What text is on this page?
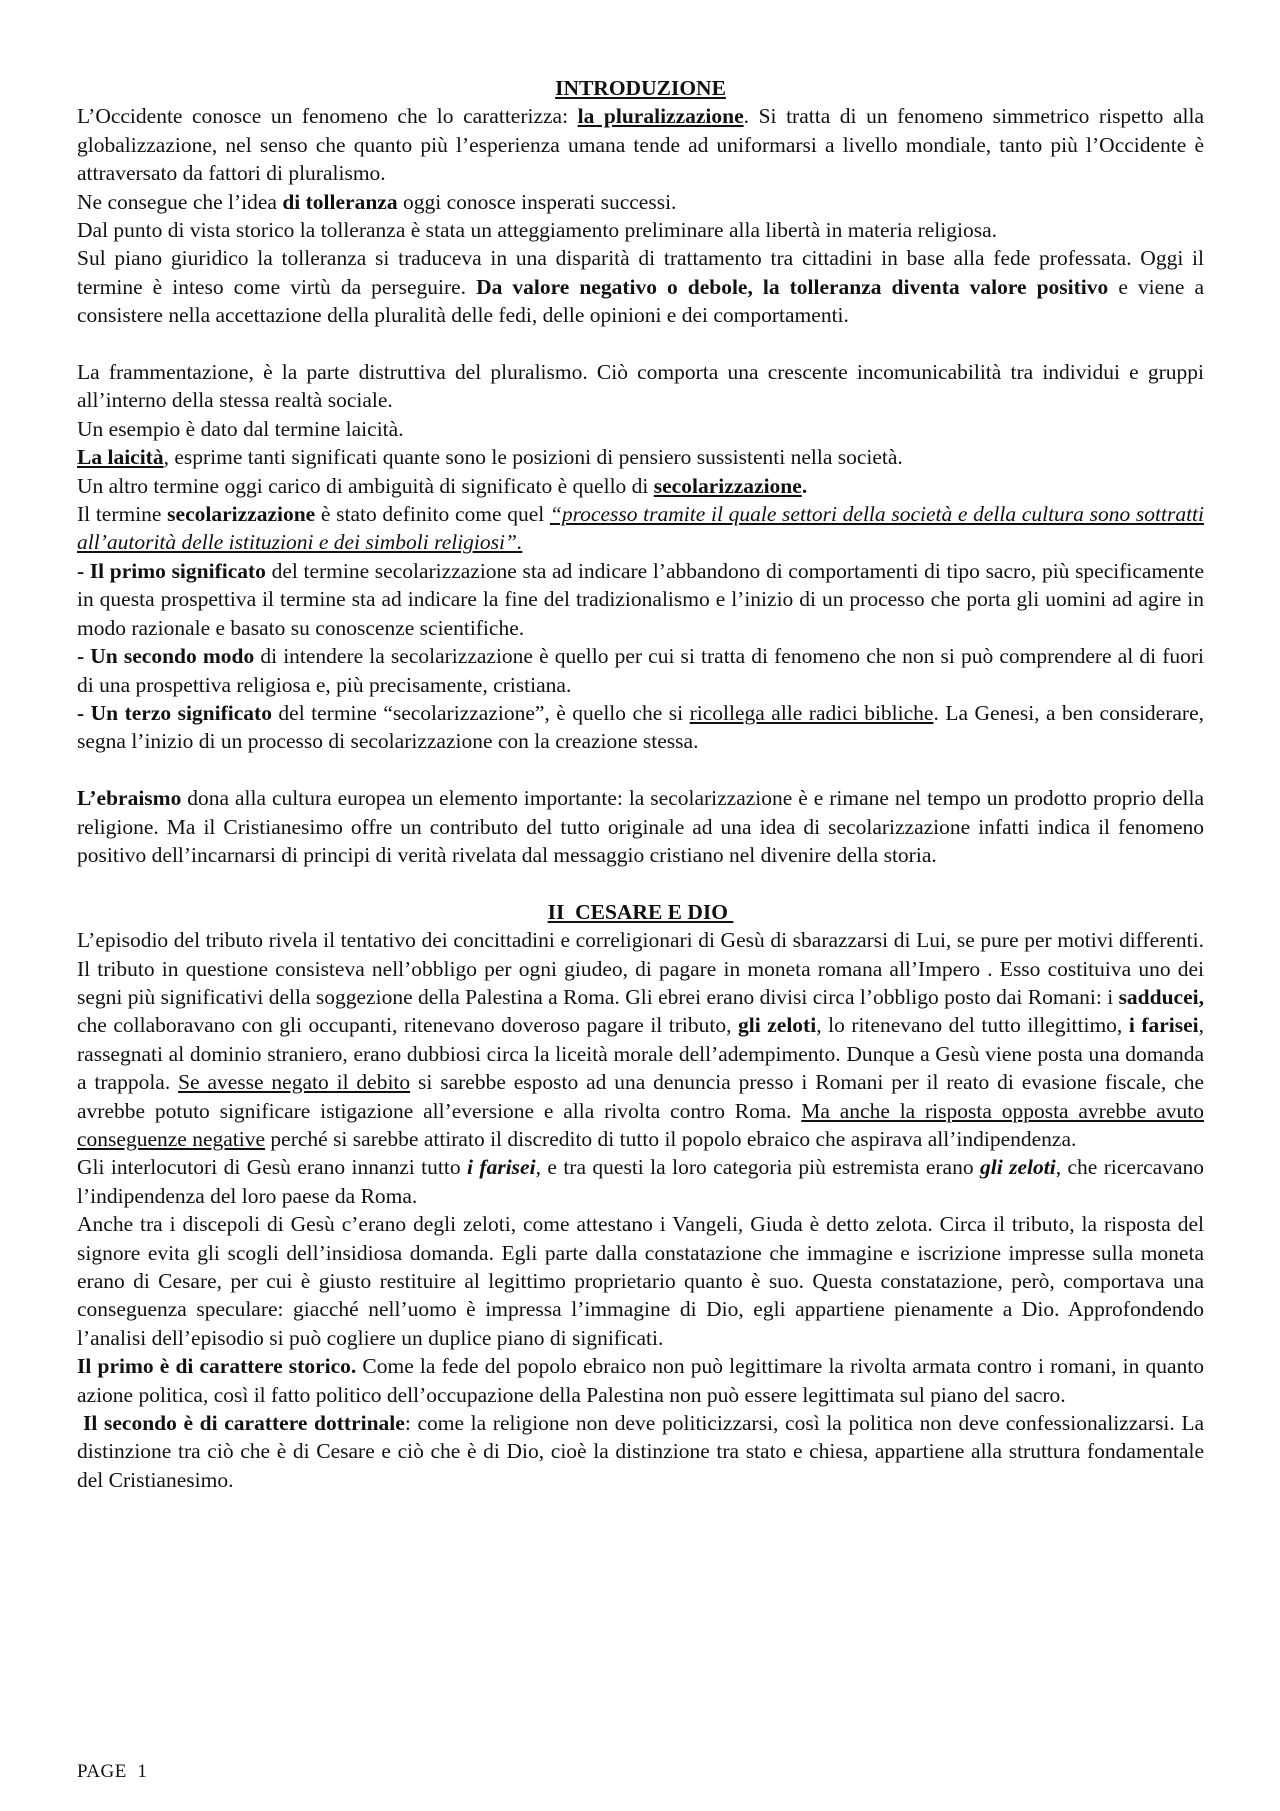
INTRODUZIONE

L’Occidente conosce un fenomeno che lo caratterizza: la pluralizzazione. Si tratta di un fenomeno simmetrico rispetto alla globalizzazione, nel senso che quanto più l’esperienza umana tende ad uniformarsi a livello mondiale, tanto più l’Occidente è attraversato da fattori di pluralismo.

Ne consegue che l’idea di tolleranza oggi conosce insperati successi.

Dal punto di vista storico la tolleranza è stata un atteggiamento preliminare alla libertà in materia religiosa.

Sul piano giuridico la tolleranza si traduceva in una disparità di trattamento tra cittadini in base alla fede professata. Oggi il termine è inteso come virtù da perseguire. Da valore negativo o debole, la tolleranza diventa valore positivo e viene a consistere nella accettazione della pluralità delle fedi, delle opinioni e dei comportamenti.

La frammentazione, è la parte distruttiva del pluralismo. Ciò comporta una crescente incomunicabilità tra individui e gruppi all’interno della stessa realtà sociale.

Un esempio è dato dal termine laicità.

La laicità, esprime tanti significati quante sono le posizioni di pensiero sussistenti nella società.

Un altro termine oggi carico di ambiguità di significato è quello di secolarizzazione.

Il termine secolarizzazione è stato definito come quel “processo tramite il quale settori della società e della cultura sono sottratti all’autorità delle istituzioni e dei simboli religiosi”.

- Il primo significato del termine secolarizzazione sta ad indicare l’abbandono di comportamenti di tipo sacro, più specificamente in questa prospettiva il termine sta ad indicare la fine del tradizionalismo e l’inizio di un processo che porta gli uomini ad agire in modo razionale e basato su conoscenze scientifiche.

- Un secondo modo di intendere la secolarizzazione è quello per cui si tratta di fenomeno che non si può comprendere al di fuori di una prospettiva religiosa e, più precisamente, cristiana.

- Un terzo significato del termine “secolarizzazione”, è quello che si ricollega alle radici bibliche. La Genesi, a ben considerare, segna l’inizio di un processo di secolarizzazione con la creazione stessa.

L’ebraismo dona alla cultura europea un elemento importante: la secolarizzazione è e rimane nel tempo un prodotto proprio della religione. Ma il Cristianesimo offre un contributo del tutto originale ad una idea di secolarizzazione infatti indica il fenomeno positivo dell’incarnarsi di principi di verità rivelata dal messaggio cristiano nel divenire della storia.

II  CESARE E DIO

L’episodio del tributo rivela il tentativo dei concittadini e correligionari di Gesù di sbarazzarsi di Lui, se pure per motivi differenti. Il tributo in questione consisteva nell’obbligo per ogni giudeo, di pagare in moneta romana all’Impero . Esso costituiva uno dei segni più significativi della soggezione della Palestina a Roma. Gli ebrei erano divisi circa l’obbligo posto dai Romani: i sadducei, che collaboravano con gli occupanti, ritenevano doveroso pagare il tributo, gli zeloti, lo ritenevano del tutto illegittimo, i farisei, rassegnati al dominio straniero, erano dubbiosi circa la liceità morale dell’adempimento. Dunque a Gesù viene posta una domanda a trappola. Se avesse negato il debito si sarebbe esposto ad una denuncia presso i Romani per il reato di evasione fiscale, che avrebbe potuto significare istigazione all’eversione e alla rivolta contro Roma. Ma anche la risposta opposta avrebbe avuto conseguenze negative perché si sarebbe attirato il discredito di tutto il popolo ebraico che aspirava all’indipendenza.

Gli interlocutori di Gesù erano innanzi tutto i farisei, e tra questi la loro categoria più estremista erano gli zeloti, che ricercavano l’indipendenza del loro paese da Roma.

Anche tra i discepoli di Gesù c’erano degli zeloti, come attestano i Vangeli, Giuda è detto zelota. Circa il tributo, la risposta del signore evita gli scogli dell’insidiosa domanda. Egli parte dalla constatazione che immagine e iscrizione impresse sulla moneta erano di Cesare, per cui è giusto restituire al legittimo proprietario quanto è suo. Questa constatazione, però, comportava una conseguenza speculare: giacché nell’uomo è impressa l’immagine di Dio, egli appartiene pienamente a Dio. Approfondendo l’analisi dell’episodio si può cogliere un duplice piano di significati.

Il primo è di carattere storico. Come la fede del popolo ebraico non può legittimare la rivolta armata contro i romani, in quanto azione politica, così il fatto politico dell’occupazione della Palestina non può essere legittimata sul piano del sacro.

Il secondo è di carattere dottrinale: come la religione non deve politicizzarsi, così la politica non deve confessionalizzarsi. La distinzione tra ciò che è di Cesare e ciò che è di Dio, cioè la distinzione tra stato e chiesa, appartiene alla struttura fondamentale del Cristianesimo.

PAGE  1
